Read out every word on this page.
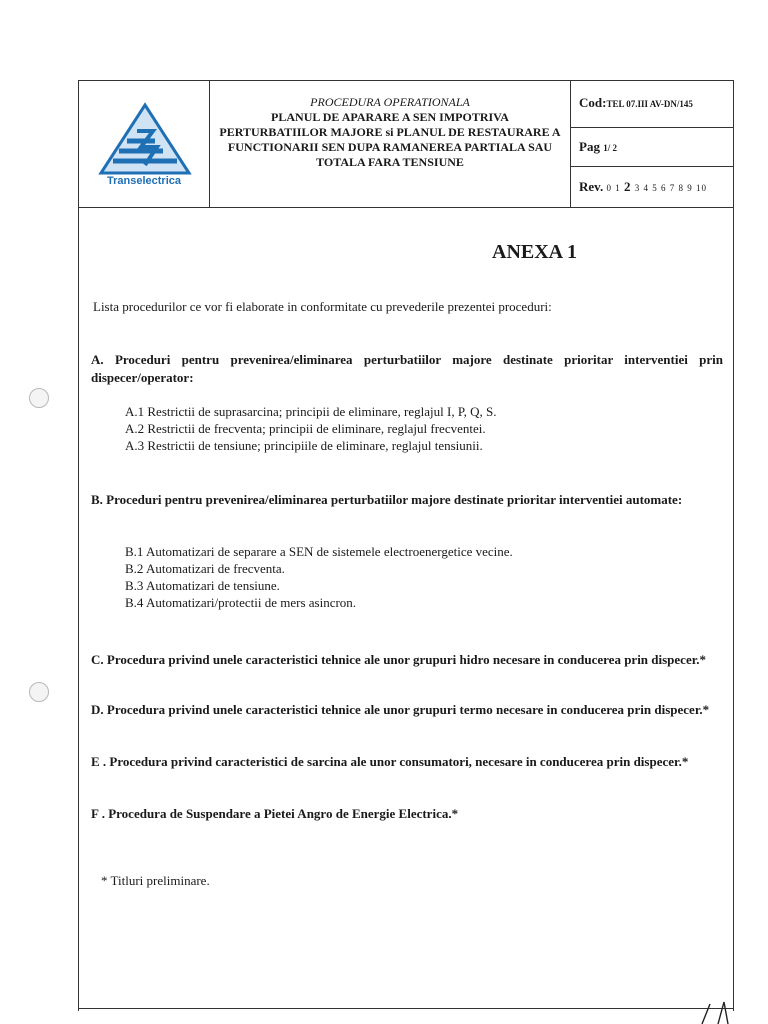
Transelectrica
PROCEDURA OPERATIONALA
PLANUL DE APARARE A SEN IMPOTRIVA PERTURBATIILOR MAJORE si PLANUL DE RESTAURARE A FUNCTIONARII SEN DUPA RAMANEREA PARTIALA SAU TOTALA FARA TENSIUNE
Cod:TEL 07.III AV-DN/145
Pag 1/ 2
Rev. 0 1 2 3 4 5 6 7 8 9 10
ANEXA 1
Lista procedurilor ce vor fi elaborate in conformitate cu prevederile prezentei proceduri:
A. Proceduri pentru prevenirea/eliminarea perturbatiilor majore destinate prioritar interventiei prin dispecer/operator:
A.1 Restrictii de suprasarcina; principii de eliminare, reglajul I, P, Q, S.
A.2 Restrictii de frecventa; principii de eliminare, reglajul frecventei.
A.3 Restrictii de tensiune; principiile de eliminare, reglajul tensiunii.
B. Proceduri pentru prevenirea/eliminarea perturbatiilor majore destinate prioritar interventiei automate:
B.1 Automatizari de separare a SEN de sistemele electroenergetice vecine.
B.2 Automatizari de frecventa.
B.3 Automatizari de tensiune.
B.4 Automatizari/protectii de mers asincron.
C. Procedura privind unele caracteristici tehnice ale unor grupuri hidro necesare in conducerea prin dispecer.*
D. Procedura privind unele caracteristici tehnice ale unor grupuri termo necesare in conducerea prin dispecer.*
E . Procedura privind caracteristici de sarcina ale unor consumatori, necesare in conducerea prin dispecer.*
F . Procedura de Suspendare a Pietei Angro de Energie Electrica.*
* Titluri preliminare.
